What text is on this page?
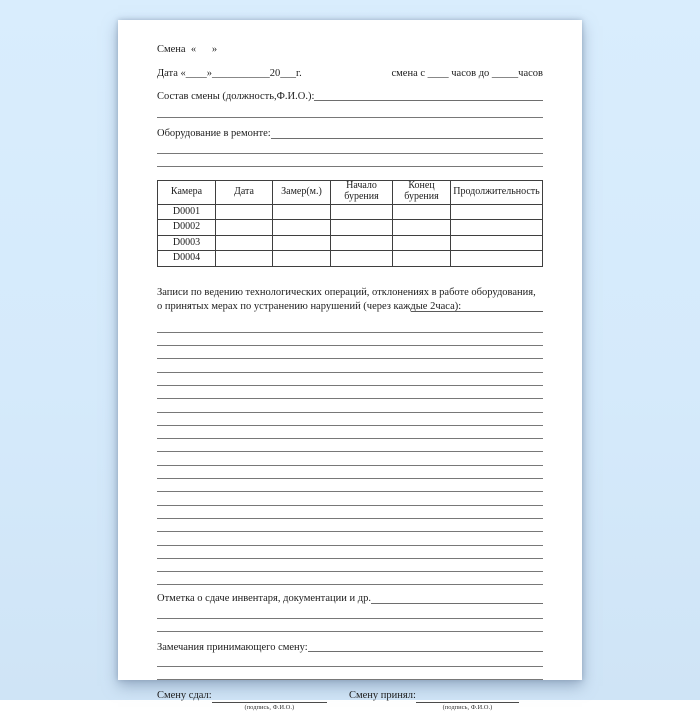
Смена  «      »
Дата «____»___________20___г.	смена с ____ часов до _____часов
Состав смены (должность,Ф.И.О.):
Оборудование в ремонте:
Камера	Дата	Замер(м.)	Начало бурения	Конец бурения	Продолжительность
D0001					
D0002					
D0003					
D0004					
Записи по ведению технологических операций, отклонениях в работе оборудования, о принятых мерах по устранению нарушений (через каждые 2часа):
Отметка о сдаче инвентаря, документации и др.
Замечания принимающего смену:
Смену сдал:
(подпись, Ф.И.О.)
Смену принял:
(подпись, Ф.И.О.)
